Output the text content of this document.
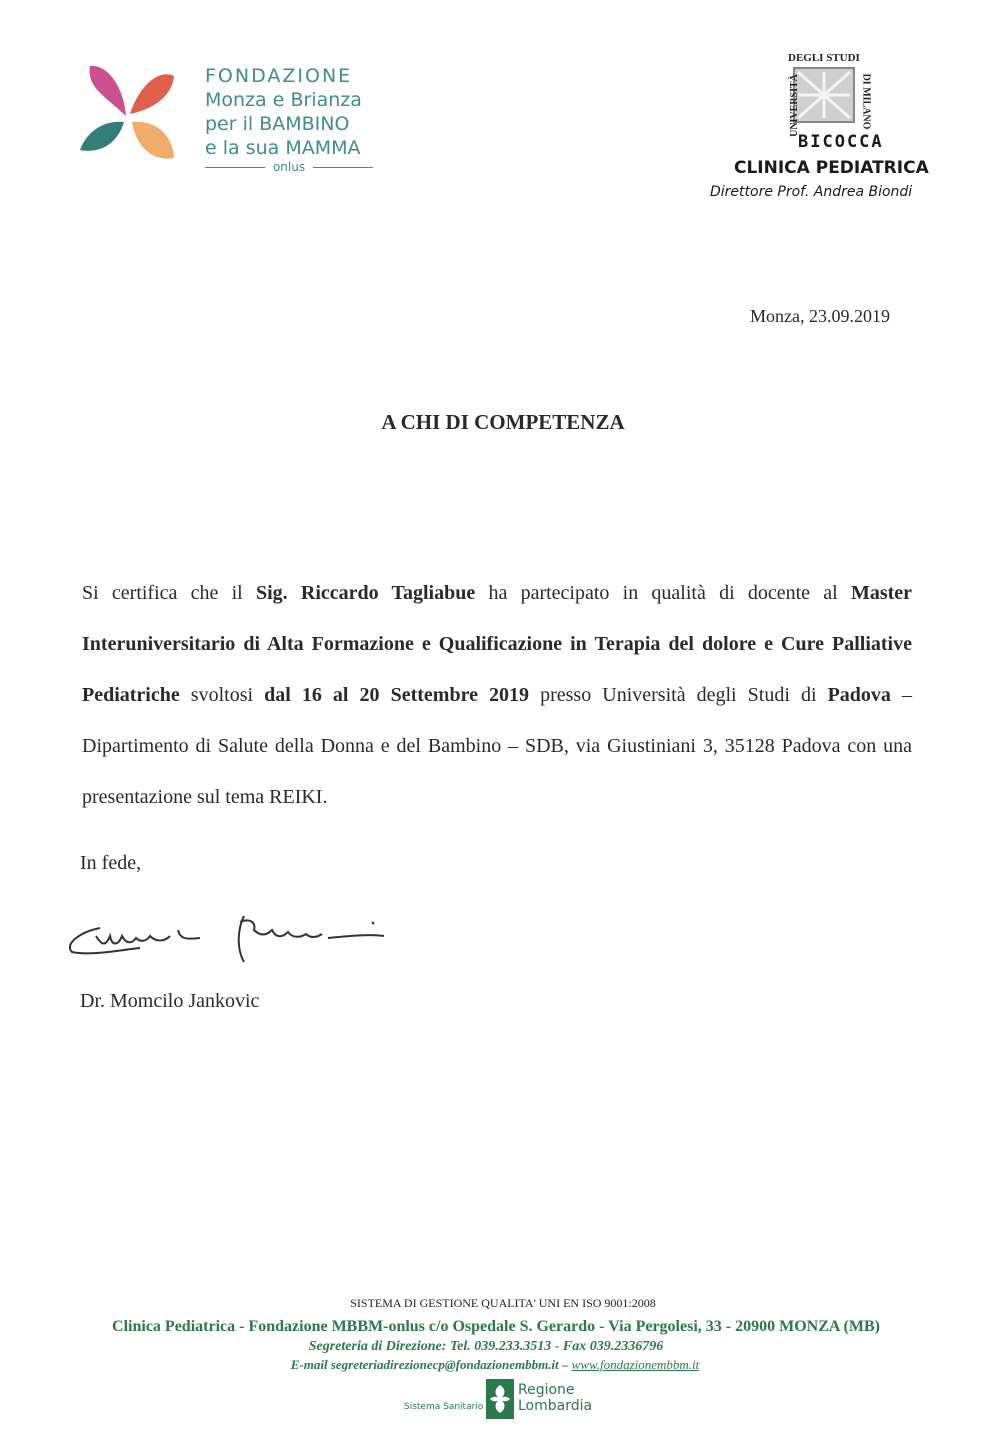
FONDAZIONE
Monza e Brianza
per il BAMBINO
e la sua MAMMA
onlus
DEGLI STUDI
UNIVERSITÀ	DI MILANO
BICOCCA
CLINICA PEDIATRICA
Direttore Prof. Andrea Biondi
Monza, 23.09.2019
A CHI DI COMPETENZA
Si certifica che il Sig. Riccardo Tagliabue ha partecipato in qualità di docente al Master Interuniversitario di Alta Formazione e Qualificazione in Terapia del dolore e Cure Palliative Pediatriche svoltosi dal 16 al 20 Settembre 2019 presso Università degli Studi di Padova – Dipartimento di Salute della Donna e del Bambino – SDB, via Giustiniani 3, 35128 Padova con una presentazione sul tema REIKI.
In fede,
Dr. Momcilo Jankovic
SISTEMA DI GESTIONE QUALITA' UNI EN ISO 9001:2008
Clinica Pediatrica - Fondazione MBBM-onlus c/o Ospedale S. Gerardo - Via Pergolesi, 33 - 20900 MONZA (MB)
Segreteria di Direzione: Tel. 039.233.3513 - Fax 039.2336796
E-mail segreteriadirezionecp@fondazionembbm.it – www.fondazionembbm.it
Sistema Sanitario
Regione
Lombardia
